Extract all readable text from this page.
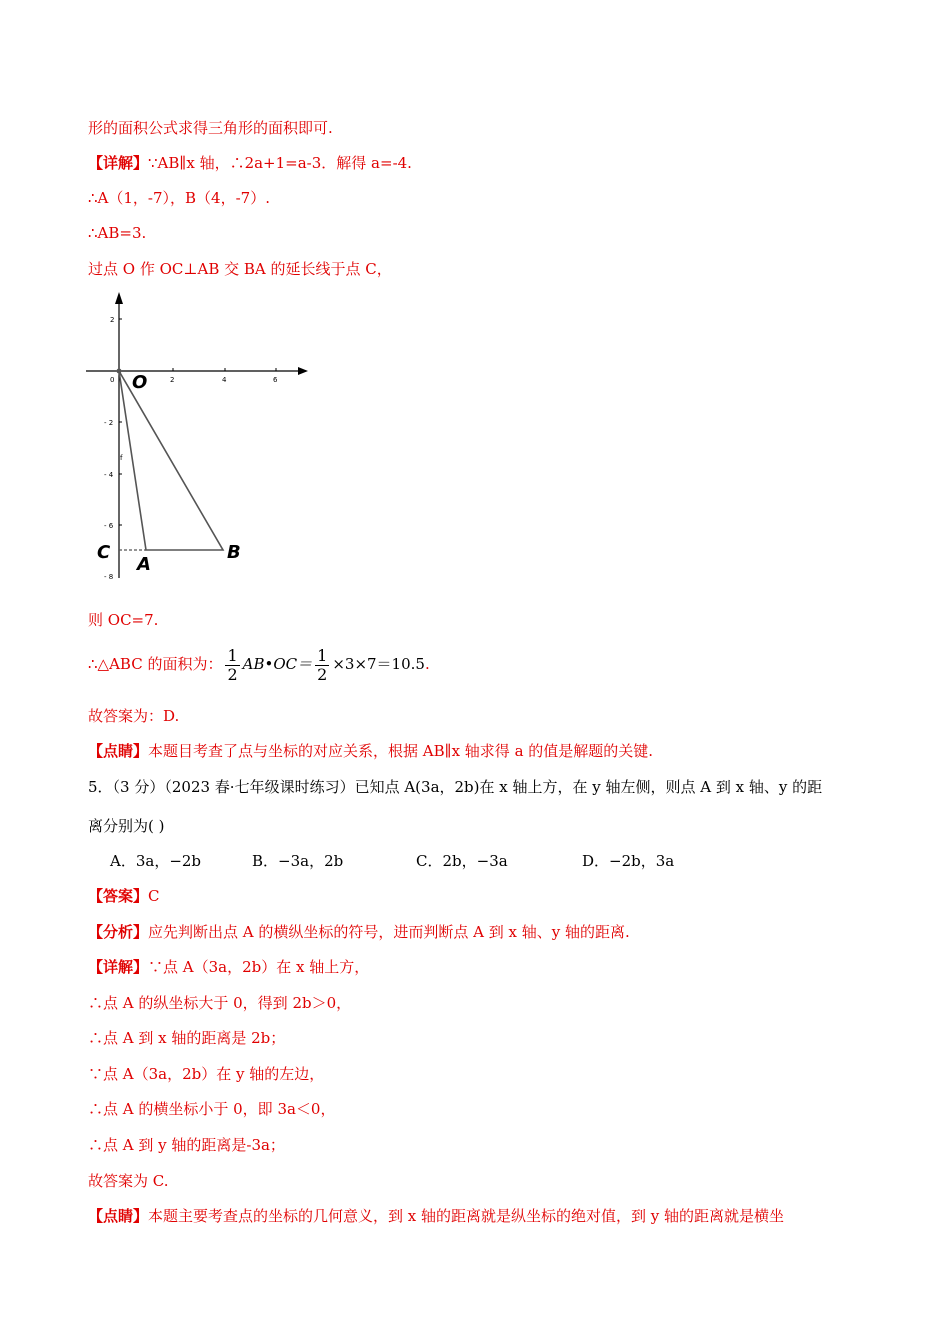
形的面积公式求得三角形的面积即可.
【详解】∵AB∥x 轴，∴2a+1=a-3．解得 a=-4.
∴A（1，-7），B（4，-7）.
∴AB=3.
过点 O 作 OC⊥AB 交 BA 的延长线于点 C，
2
0
- 2
- 4
- 6
- 8
2	4	6
f
O
A
B
C
则 OC=7.
∴△ABC 的面积为： $\frac{1}{2}$ AB•OC＝ $\frac{1}{2} \times 3\times 7=10.5$.
故答案为：D.
【点睛】本题目考查了点与坐标的对应关系，根据 AB∥x 轴求得 a 的值是解题的关键.
5．（3 分）（2023 春·七年级课时练习）已知点 A(3a，2b)在 x 轴上方，在 y 轴左侧，则点 A 到 x 轴、y 的距
离分别为( )
A．3a，−2b	B．−3a，2b	C．2b，−3a	D．−2b，3a
【答案】C
【分析】应先判断出点 A 的横纵坐标的符号，进而判断点 A 到 x 轴、y 轴的距离.
【详解】∵点 A（3a，2b）在 x 轴上方，
∴点 A 的纵坐标大于 0，得到 2b＞0，
∴点 A 到 x 轴的距离是 2b；
∵点 A（3a，2b）在 y 轴的左边，
∴点 A 的横坐标小于 0，即 3a＜0，
∴点 A 到 y 轴的距离是-3a；
故答案为 C.
【点睛】本题主要考查点的坐标的几何意义，到 x 轴的距离就是纵坐标的绝对值，到 y 轴的距离就是横坐
